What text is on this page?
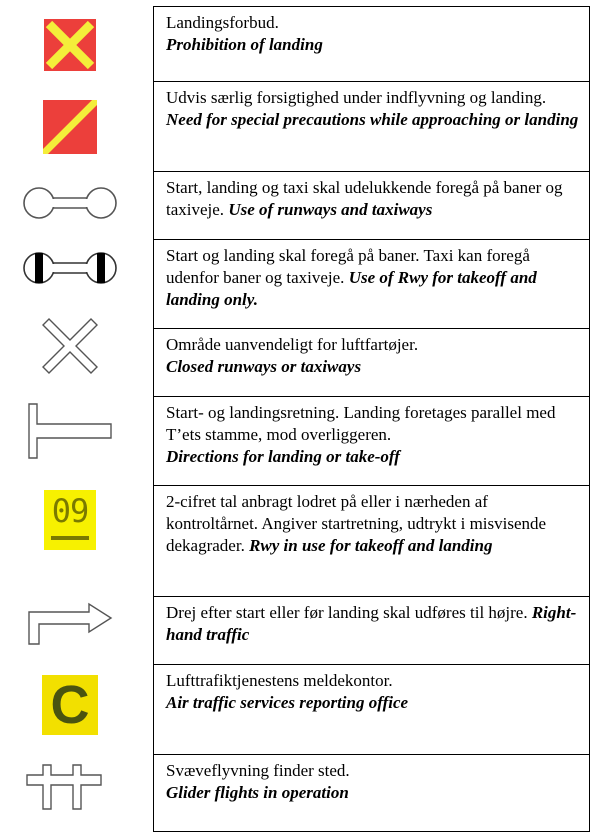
09
C
Landingsforbud.
Prohibition of landing
Udvis særlig forsigtighed under indflyvning og landing. Need for special precautions while approaching or landing
Start, landing og taxi skal udelukkende foregå på baner og taxiveje. Use of runways and taxiways
Start og landing skal foregå på baner. Taxi kan foregå udenfor baner og taxiveje. Use of Rwy for takeoff and landing only.
Område uanvendeligt for luftfartøjer.
Closed runways or taxiways
Start- og landingsretning. Landing foretages parallel med T’ets stamme, mod overliggeren.
Directions for landing or take-off
2-cifret tal anbragt lodret på eller i nærheden af kontroltårnet. Angiver startretning, udtrykt i misvisende dekagrader. Rwy in use for takeoff and landing
Drej efter start eller før landing skal udføres til højre. Right-hand traffic
Lufttrafiktjenestens meldekontor.
Air traffic services reporting office
Svæveflyvning finder sted.
Glider flights in operation
